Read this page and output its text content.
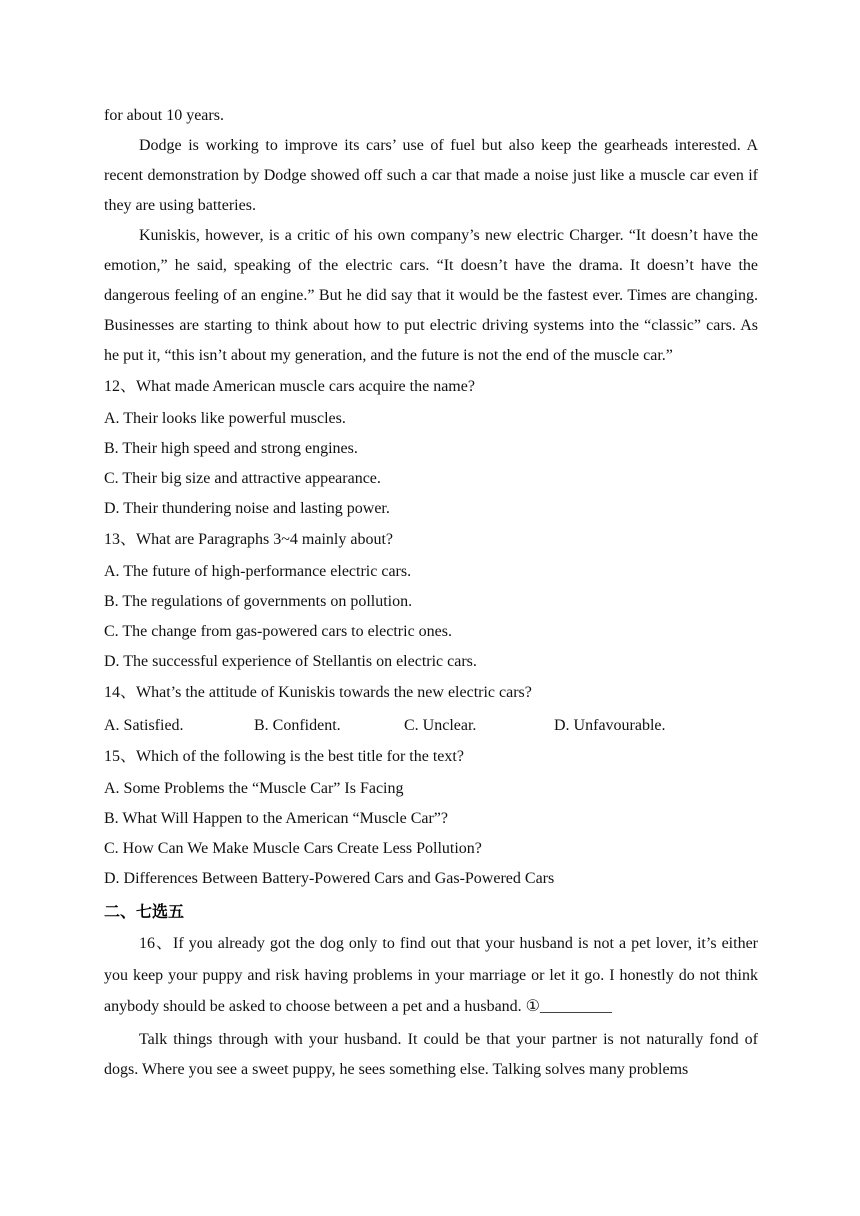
for about 10 years.

Dodge is working to improve its cars’ use of fuel but also keep the gearheads interested. A recent demonstration by Dodge showed off such a car that made a noise just like a muscle car even if they are using batteries.

Kuniskis, however, is a critic of his own company’s new electric Charger. “It doesn’t have the emotion,” he said, speaking of the electric cars. “It doesn’t have the drama. It doesn’t have the dangerous feeling of an engine.” But he did say that it would be the fastest ever. Times are changing. Businesses are starting to think about how to put electric driving systems into the “classic” cars. As he put it, “this isn’t about my generation, and the future is not the end of the muscle car.”

12、What made American muscle cars acquire the name?

A. Their looks like powerful muscles.

B. Their high speed and strong engines.

C. Their big size and attractive appearance.

D. Their thundering noise and lasting power.

13、What are Paragraphs 3~4 mainly about?

A. The future of high-performance electric cars.

B. The regulations of governments on pollution.

C. The change from gas-powered cars to electric ones.

D. The successful experience of Stellantis on electric cars.

14、What’s the attitude of Kuniskis towards the new electric cars?

A. Satisfied.	B. Confident.	C. Unclear.	D. Unfavourable.

15、Which of the following is the best title for the text?

A. Some Problems the “Muscle Car” Is Facing

B. What Will Happen to the American “Muscle Car”?

C. How Can We Make Muscle Cars Create Less Pollution?

D. Differences Between Battery-Powered Cars and Gas-Powered Cars

二、七选五

16、If you already got the dog only to find out that your husband is not a pet lover, it’s either you keep your puppy and risk having problems in your marriage or let it go. I honestly do not think anybody should be asked to choose between a pet and a husband. ①_________

Talk things through with your husband. It could be that your partner is not naturally fond of dogs. Where you see a sweet puppy, he sees something else. Talking solves many problems
